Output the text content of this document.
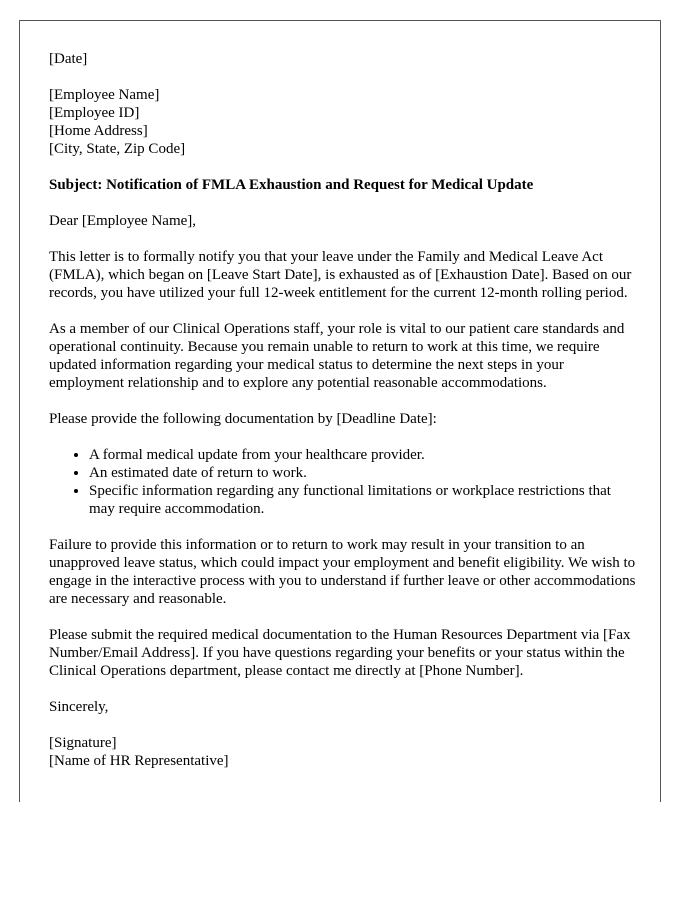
[Date]

[Employee Name]
[Employee ID]
[Home Address]
[City, State, Zip Code]

Subject: Notification of FMLA Exhaustion and Request for Medical Update

Dear [Employee Name],

This letter is to formally notify you that your leave under the Family and Medical Leave Act (FMLA), which began on [Leave Start Date], is exhausted as of [Exhaustion Date]. Based on our records, you have utilized your full 12-week entitlement for the current 12-month rolling period.

As a member of our Clinical Operations staff, your role is vital to our patient care standards and operational continuity. Because you remain unable to return to work at this time, we require updated information regarding your medical status to determine the next steps in your employment relationship and to explore any potential reasonable accommodations.

Please provide the following documentation by [Deadline Date]:

• A formal medical update from your healthcare provider.
• An estimated date of return to work.
• Specific information regarding any functional limitations or workplace restrictions that may require accommodation.

Failure to provide this information or to return to work may result in your transition to an unapproved leave status, which could impact your employment and benefit eligibility. We wish to engage in the interactive process with you to understand if further leave or other accommodations are necessary and reasonable.

Please submit the required medical documentation to the Human Resources Department via [Fax Number/Email Address]. If you have questions regarding your benefits or your status within the Clinical Operations department, please contact me directly at [Phone Number].

Sincerely,

[Signature]
[Name of HR Representative]
